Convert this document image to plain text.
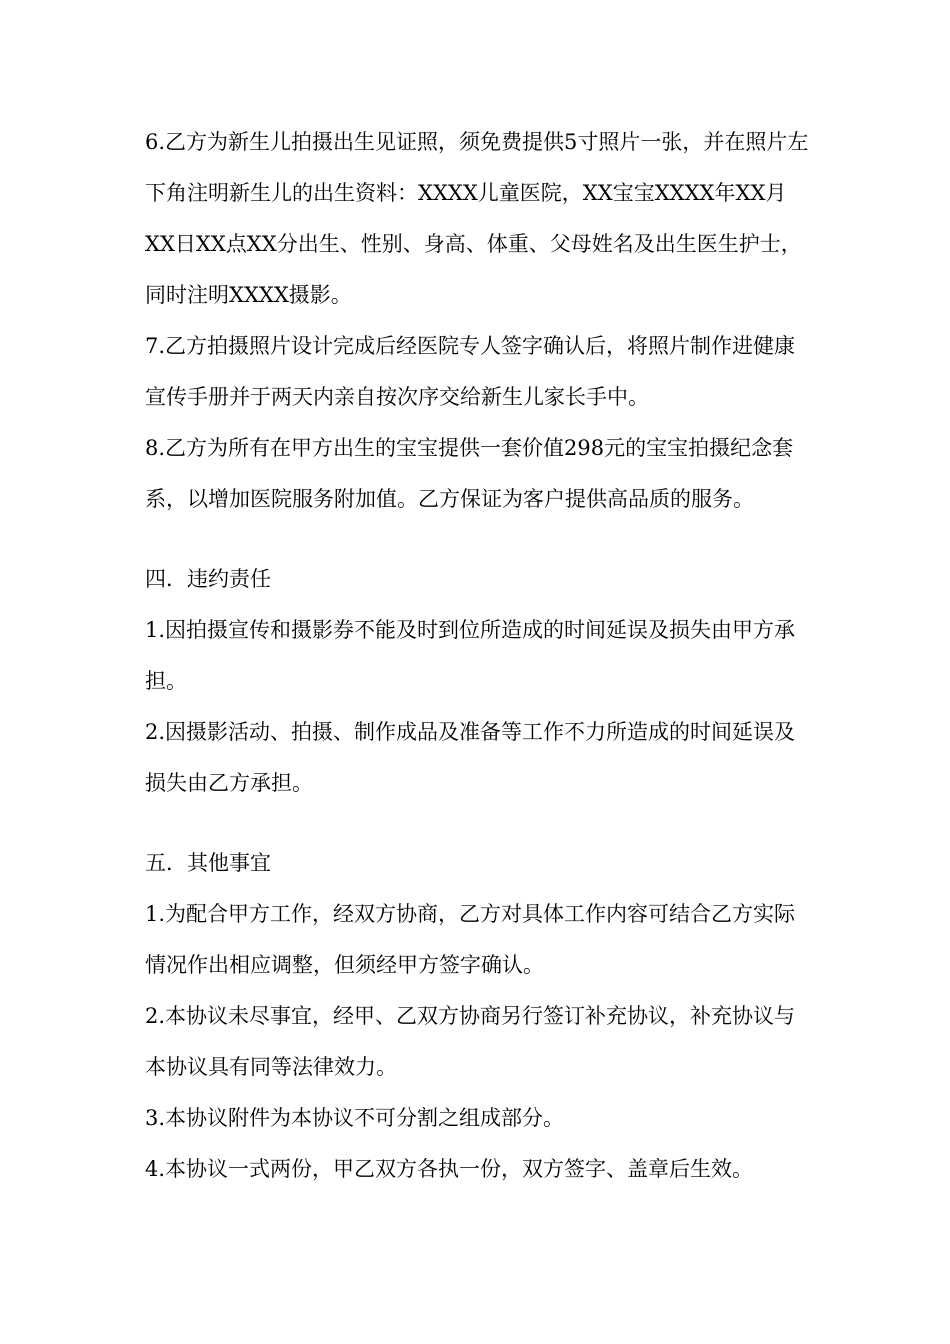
6.乙方为新生儿拍摄出生见证照，须免费提供5寸照片一张，并在照片左下角注明新生儿的出生资料：XXXX儿童医院，XX宝宝XXXX年XX月XX日XX点XX分出生、性别、身高、体重、父母姓名及出生医生护士，同时注明XXXX摄影。

7.乙方拍摄照片设计完成后经医院专人签字确认后，将照片制作进健康宣传手册并于两天内亲自按次序交给新生儿家长手中。

8.乙方为所有在甲方出生的宝宝提供一套价值298元的宝宝拍摄纪念套系，以增加医院服务附加值。乙方保证为客户提供高品质的服务。

四．违约责任

1.因拍摄宣传和摄影券不能及时到位所造成的时间延误及损失由甲方承担。

2.因摄影活动、拍摄、制作成品及准备等工作不力所造成的时间延误及损失由乙方承担。

五．其他事宜

1.为配合甲方工作，经双方协商，乙方对具体工作内容可结合乙方实际情况作出相应调整，但须经甲方签字确认。

2.本协议未尽事宜，经甲、乙双方协商另行签订补充协议，补充协议与本协议具有同等法律效力。

3.本协议附件为本协议不可分割之组成部分。

4.本协议一式两份，甲乙双方各执一份，双方签字、盖章后生效。
